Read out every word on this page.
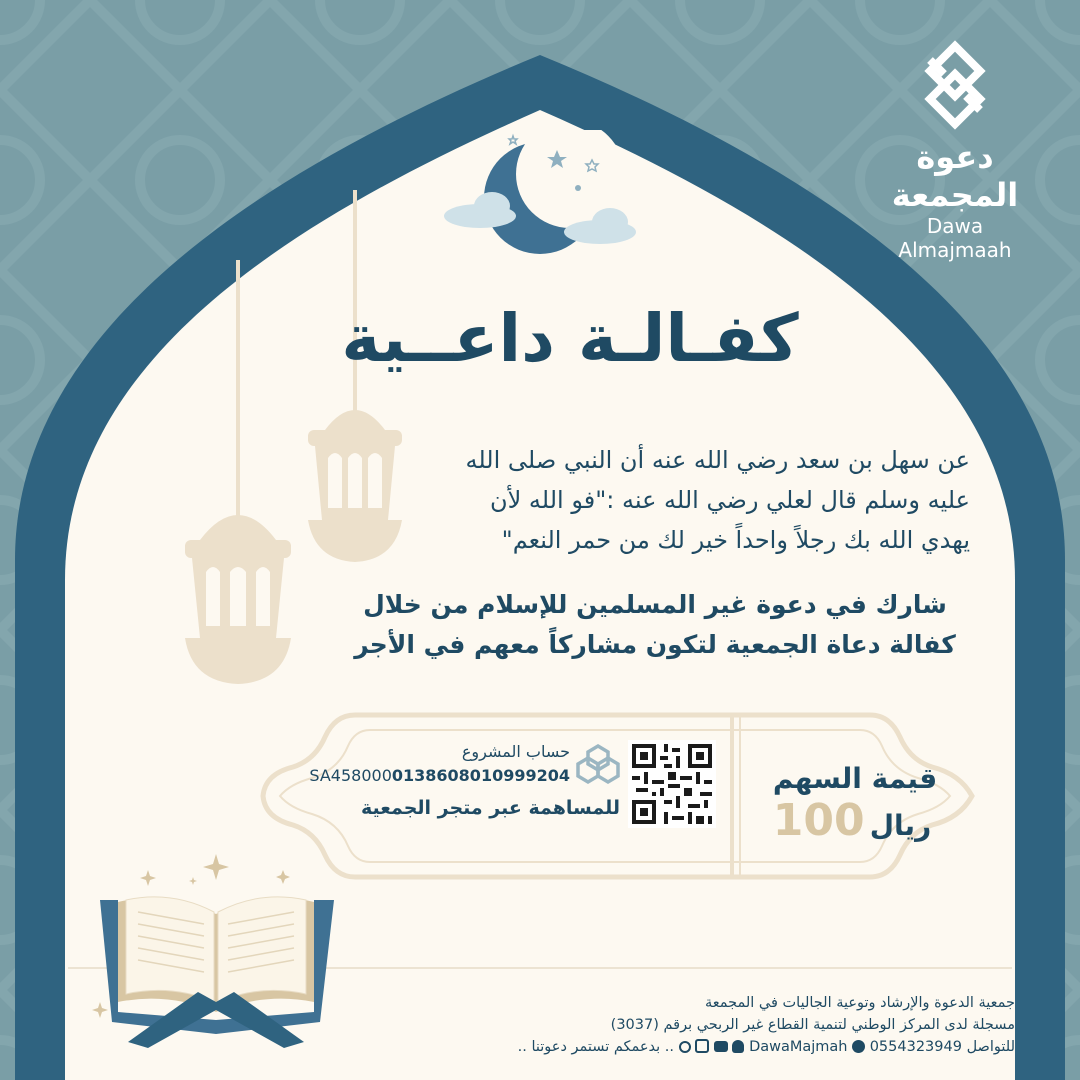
دعوة المجمعة
Dawa Almajmaah
كفـالـة داعــية
عن سهل بن سعد رضي الله عنه أن النبي صلى الله
عليه وسلم قال لعلي رضي الله عنه :"فو الله لأن
يهدي الله بك رجلاً واحداً خير لك من حمر النعم"
شارك في دعوة غير المسلمين للإسلام من خلال
كفالة دعاة الجمعية لتكون مشاركاً معهم في الأجر
قيمة السهم
ريال 100
حساب المشروع
SA4580000138608010999204
للمساهمة عبر متجر الجمعية
جمعية الدعوة والإرشاد وتوعية الجاليات في المجمعة
مسجلة لدى المركز الوطني لتنمية القطاع غير الربحي برقم (3037)
للتواصل 0554323949  DawaMajmah     .. بدعمكم تستمر دعوتنا ..
